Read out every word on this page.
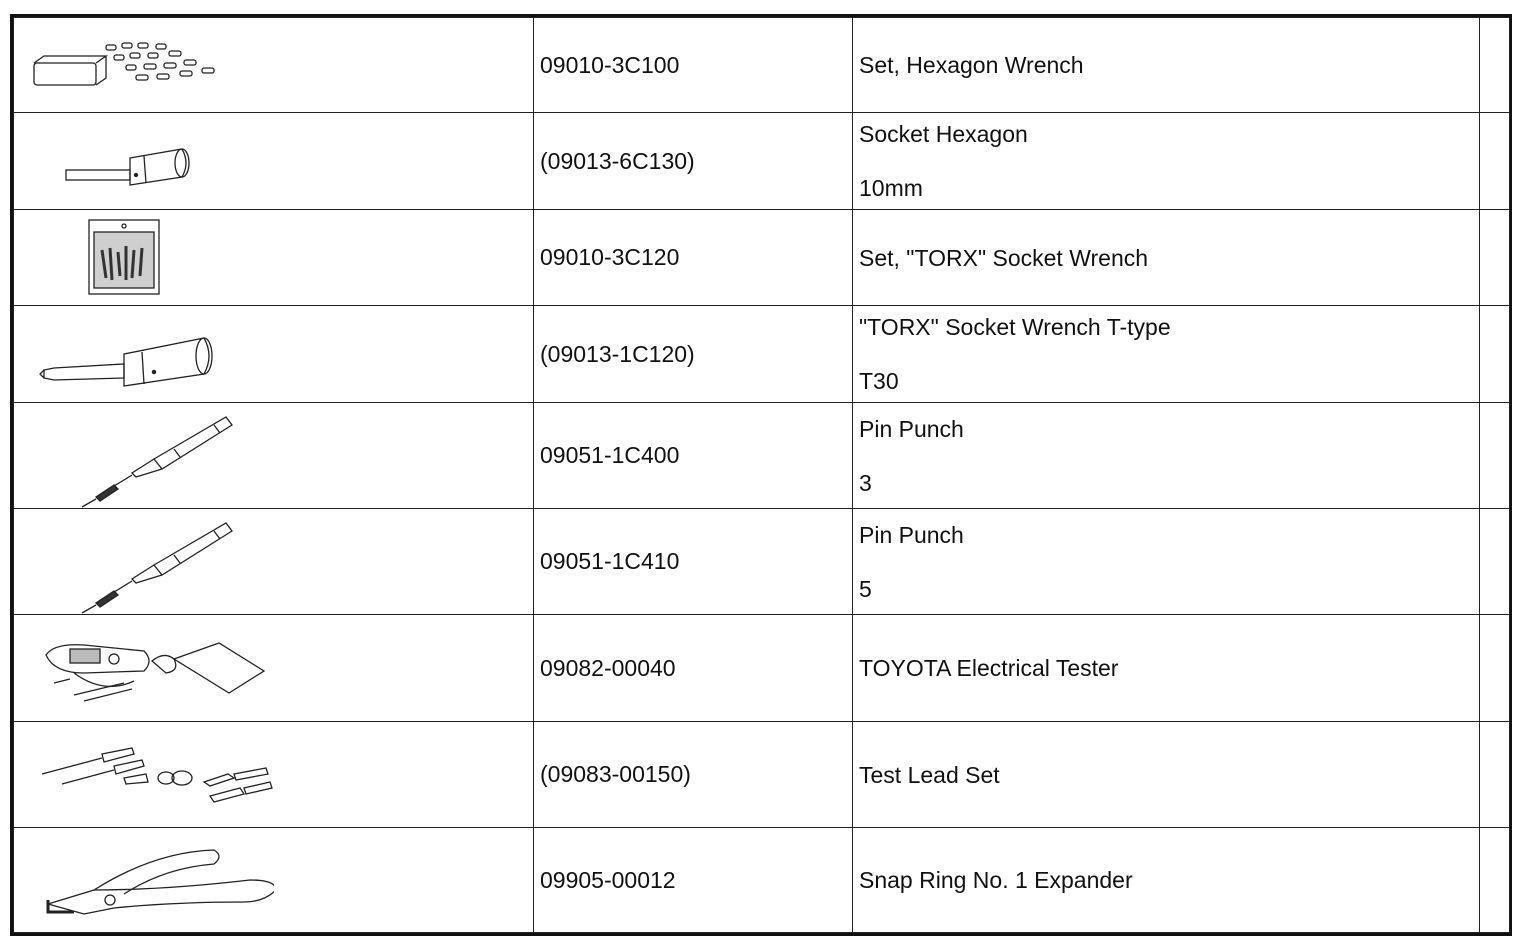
	09010-3C100	Set, Hexagon Wrench	

	(09013-6C130)	Socket Hexagon
10mm	

	09010-3C120	Set, "TORX" Socket Wrench	

	(09013-1C120)	"TORX" Socket Wrench T-type
T30	

	09051-1C400	Pin Punch
3	

	09051-1C410	Pin Punch
5	

	09082-00040	TOYOTA Electrical Tester	

	(09083-00150)	Test Lead Set	

	09905-00012	Snap Ring No. 1 Expander	
